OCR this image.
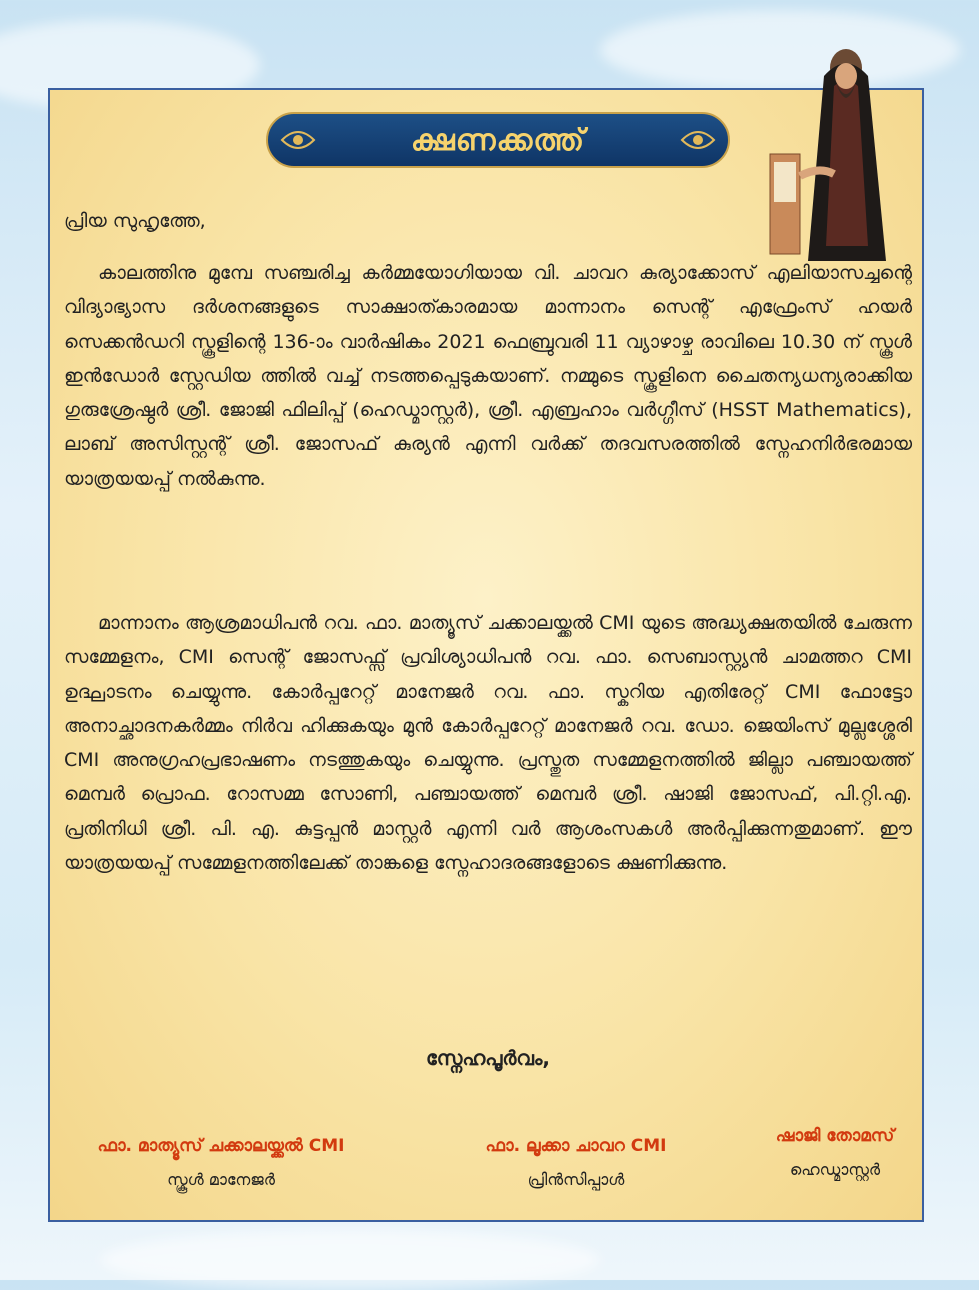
ക്ഷണക്കത്ത്
പ്രിയ സുഹൃത്തേ,
കാലത്തിനു മുമ്പേ സഞ്ചരിച്ച കർമ്മയോഗിയായ വി. ചാവറ കുര്യാക്കോസ് എലിയാസച്ചന്റെ വിദ്യാഭ്യാസ ദർശനങ്ങളുടെ സാക്ഷാത്കാരമായ മാന്നാനം സെന്റ് എഫ്രേംസ് ഹയർ സെക്കൻഡറി സ്കൂളിന്റെ 136-ാം വാർഷികം 2021 ഫെബ്രുവരി 11 വ്യാഴാഴ്ച രാവിലെ 10.30 ന് സ്കൂൾ ഇൻഡോർ സ്റ്റേഡിയ ത്തിൽ വച്ച് നടത്തപ്പെടുകയാണ്. നമ്മുടെ സ്കൂളിനെ ചൈതന്യധന്യരാക്കിയ ഗുരുശ്രേഷ്ഠർ ശ്രീ. ജോജി ഫിലിപ്പ് (ഹെഡ്മാസ്റ്റർ), ശ്രീ. എബ്രഹാം വർഗ്ഗീസ് (HSST Mathematics), ലാബ് അസിസ്റ്റന്റ് ശ്രീ. ജോസഫ് കുര്യൻ എന്നി വർക്ക് തദവസരത്തിൽ സ്നേഹനിർഭരമായ യാത്രയയപ്പ് നൽകുന്നു.
മാന്നാനം ആശ്രമാധിപൻ റവ. ഫാ. മാത്യൂസ് ചക്കാലയ്ക്കൽ CMI യുടെ അദ്ധ്യക്ഷതയിൽ ചേരുന്ന സമ്മേളനം, CMI സെന്റ് ജോസഫ്സ് പ്രവിശ്യാധിപൻ റവ. ഫാ. സെബാസ്റ്റ്യൻ ചാമത്തറ CMI ഉദ്ഘാടനം ചെയ്യുന്നു. കോർപ്പറേറ്റ് മാനേജർ റവ. ഫാ. സ്കറിയ എതിരേറ്റ് CMI ഫോട്ടോ അനാച്ഛാദനകർമ്മം നിർവ ഹിക്കുകയും മുൻ കോർപ്പറേറ്റ് മാനേജർ റവ. ഡോ. ജെയിംസ് മുല്ലശ്ശേരി CMI അനുഗ്രഹപ്രഭാഷണം നടത്തുകയും ചെയ്യുന്നു. പ്രസ്തുത സമ്മേളനത്തിൽ ജില്ലാ പഞ്ചായത്ത് മെമ്പർ പ്രൊഫ. റോസമ്മ സോണി, പഞ്ചായത്ത് മെമ്പർ ശ്രീ. ഷാജി ജോസഫ്, പി.റ്റി.എ. പ്രതിനിധി ശ്രീ. പി. എ. കുട്ടപ്പൻ മാസ്റ്റർ എന്നി വർ ആശംസകൾ അർപ്പിക്കുന്നതുമാണ്. ഈ യാത്രയയപ്പ് സമ്മേളനത്തിലേക്ക് താങ്കളെ സ്നേഹാദരങ്ങളോടെ ക്ഷണിക്കുന്നു.
സ്നേഹപൂർവം,
ഫാ. മാത്യൂസ് ചക്കാലയ്ക്കൽ CMI
സ്കൂൾ മാനേജർ
ഫാ. ലൂക്കാ ചാവറ CMI
പ്രിൻസിപ്പാൾ
ഷാജി തോമസ്
ഹെഡ്മാസ്റ്റർ
